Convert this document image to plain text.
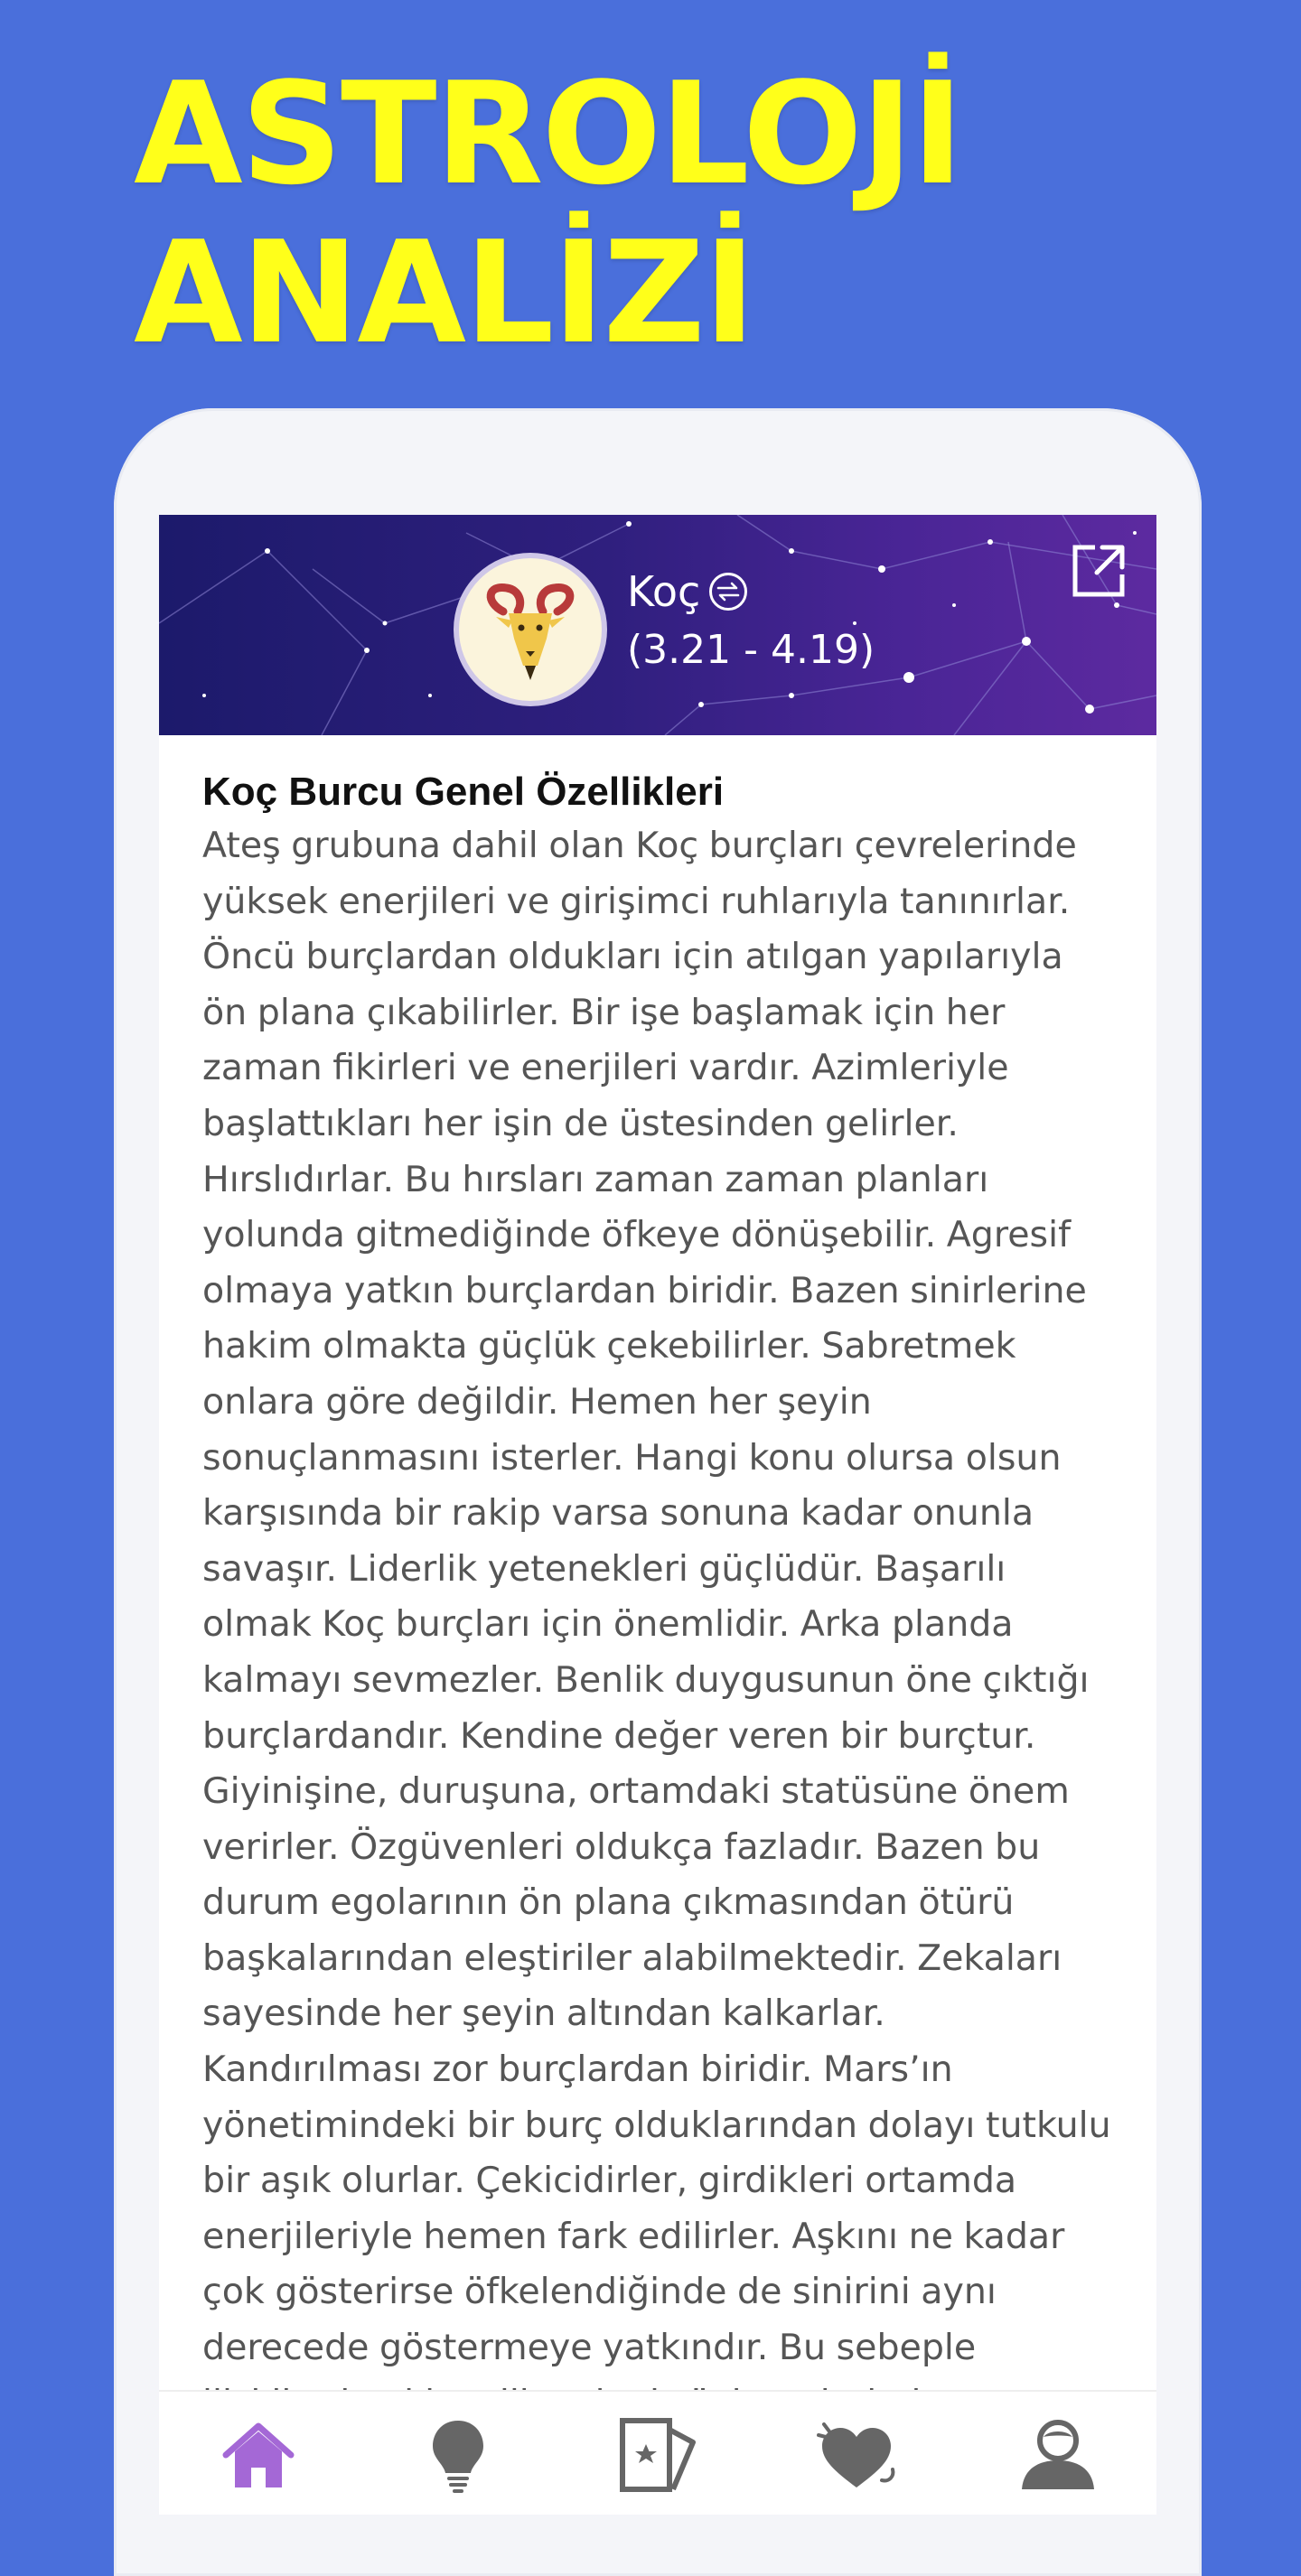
ASTROLOJİ
ANALİZİ
Koç
(3.21 - 4.19)

Koç Burcu Genel Özellikleri

Ateş grubuna dahil olan Koç burçları çevrelerinde yüksek enerjileri ve girişimci ruhlarıyla tanınırlar. Öncü burçlardan oldukları için atılgan yapılarıyla ön plana çıkabilirler. Bir işe başlamak için her zaman fikirleri ve enerjileri vardır. Azimleriyle başlattıkları her işin de üstesinden gelirler. Hırslıdırlar. Bu hırsları zaman zaman planları yolunda gitmediğinde öfkeye dönüşebilir. Agresif olmaya yatkın burçlardan biridir. Bazen sinirlerine hakim olmakta güçlük çekebilirler. Sabretmek onlara göre değildir. Hemen her şeyin sonuçlanmasını isterler. Hangi konu olursa olsun karşısında bir rakip varsa sonuna kadar onunla savaşır. Liderlik yetenekleri güçlüdür. Başarılı olmak Koç burçları için önemlidir. Arka planda kalmayı sevmezler. Benlik duygusunun öne çıktığı burçlardandır. Kendine değer veren bir burçtur. Giyinişine, duruşuna, ortamdaki statüsüne önem verirler. Özgüvenleri oldukça fazladır. Bazen bu durum egolarının ön plana çıkmasından ötürü başkalarından eleştiriler alabilmektedir. Zekaları sayesinde her şeyin altından kalkarlar. Kandırılması zor burçlardan biridir. Mars’ın yönetimindeki bir burç olduklarından dolayı tutkulu bir aşık olurlar. Çekicidirler, girdikleri ortamda enerjileriyle hemen fark edilirler. Aşkını ne kadar çok gösterirse öfkelendiğinde de sinirini aynı derecede göstermeye yatkındır. Bu sebeple
